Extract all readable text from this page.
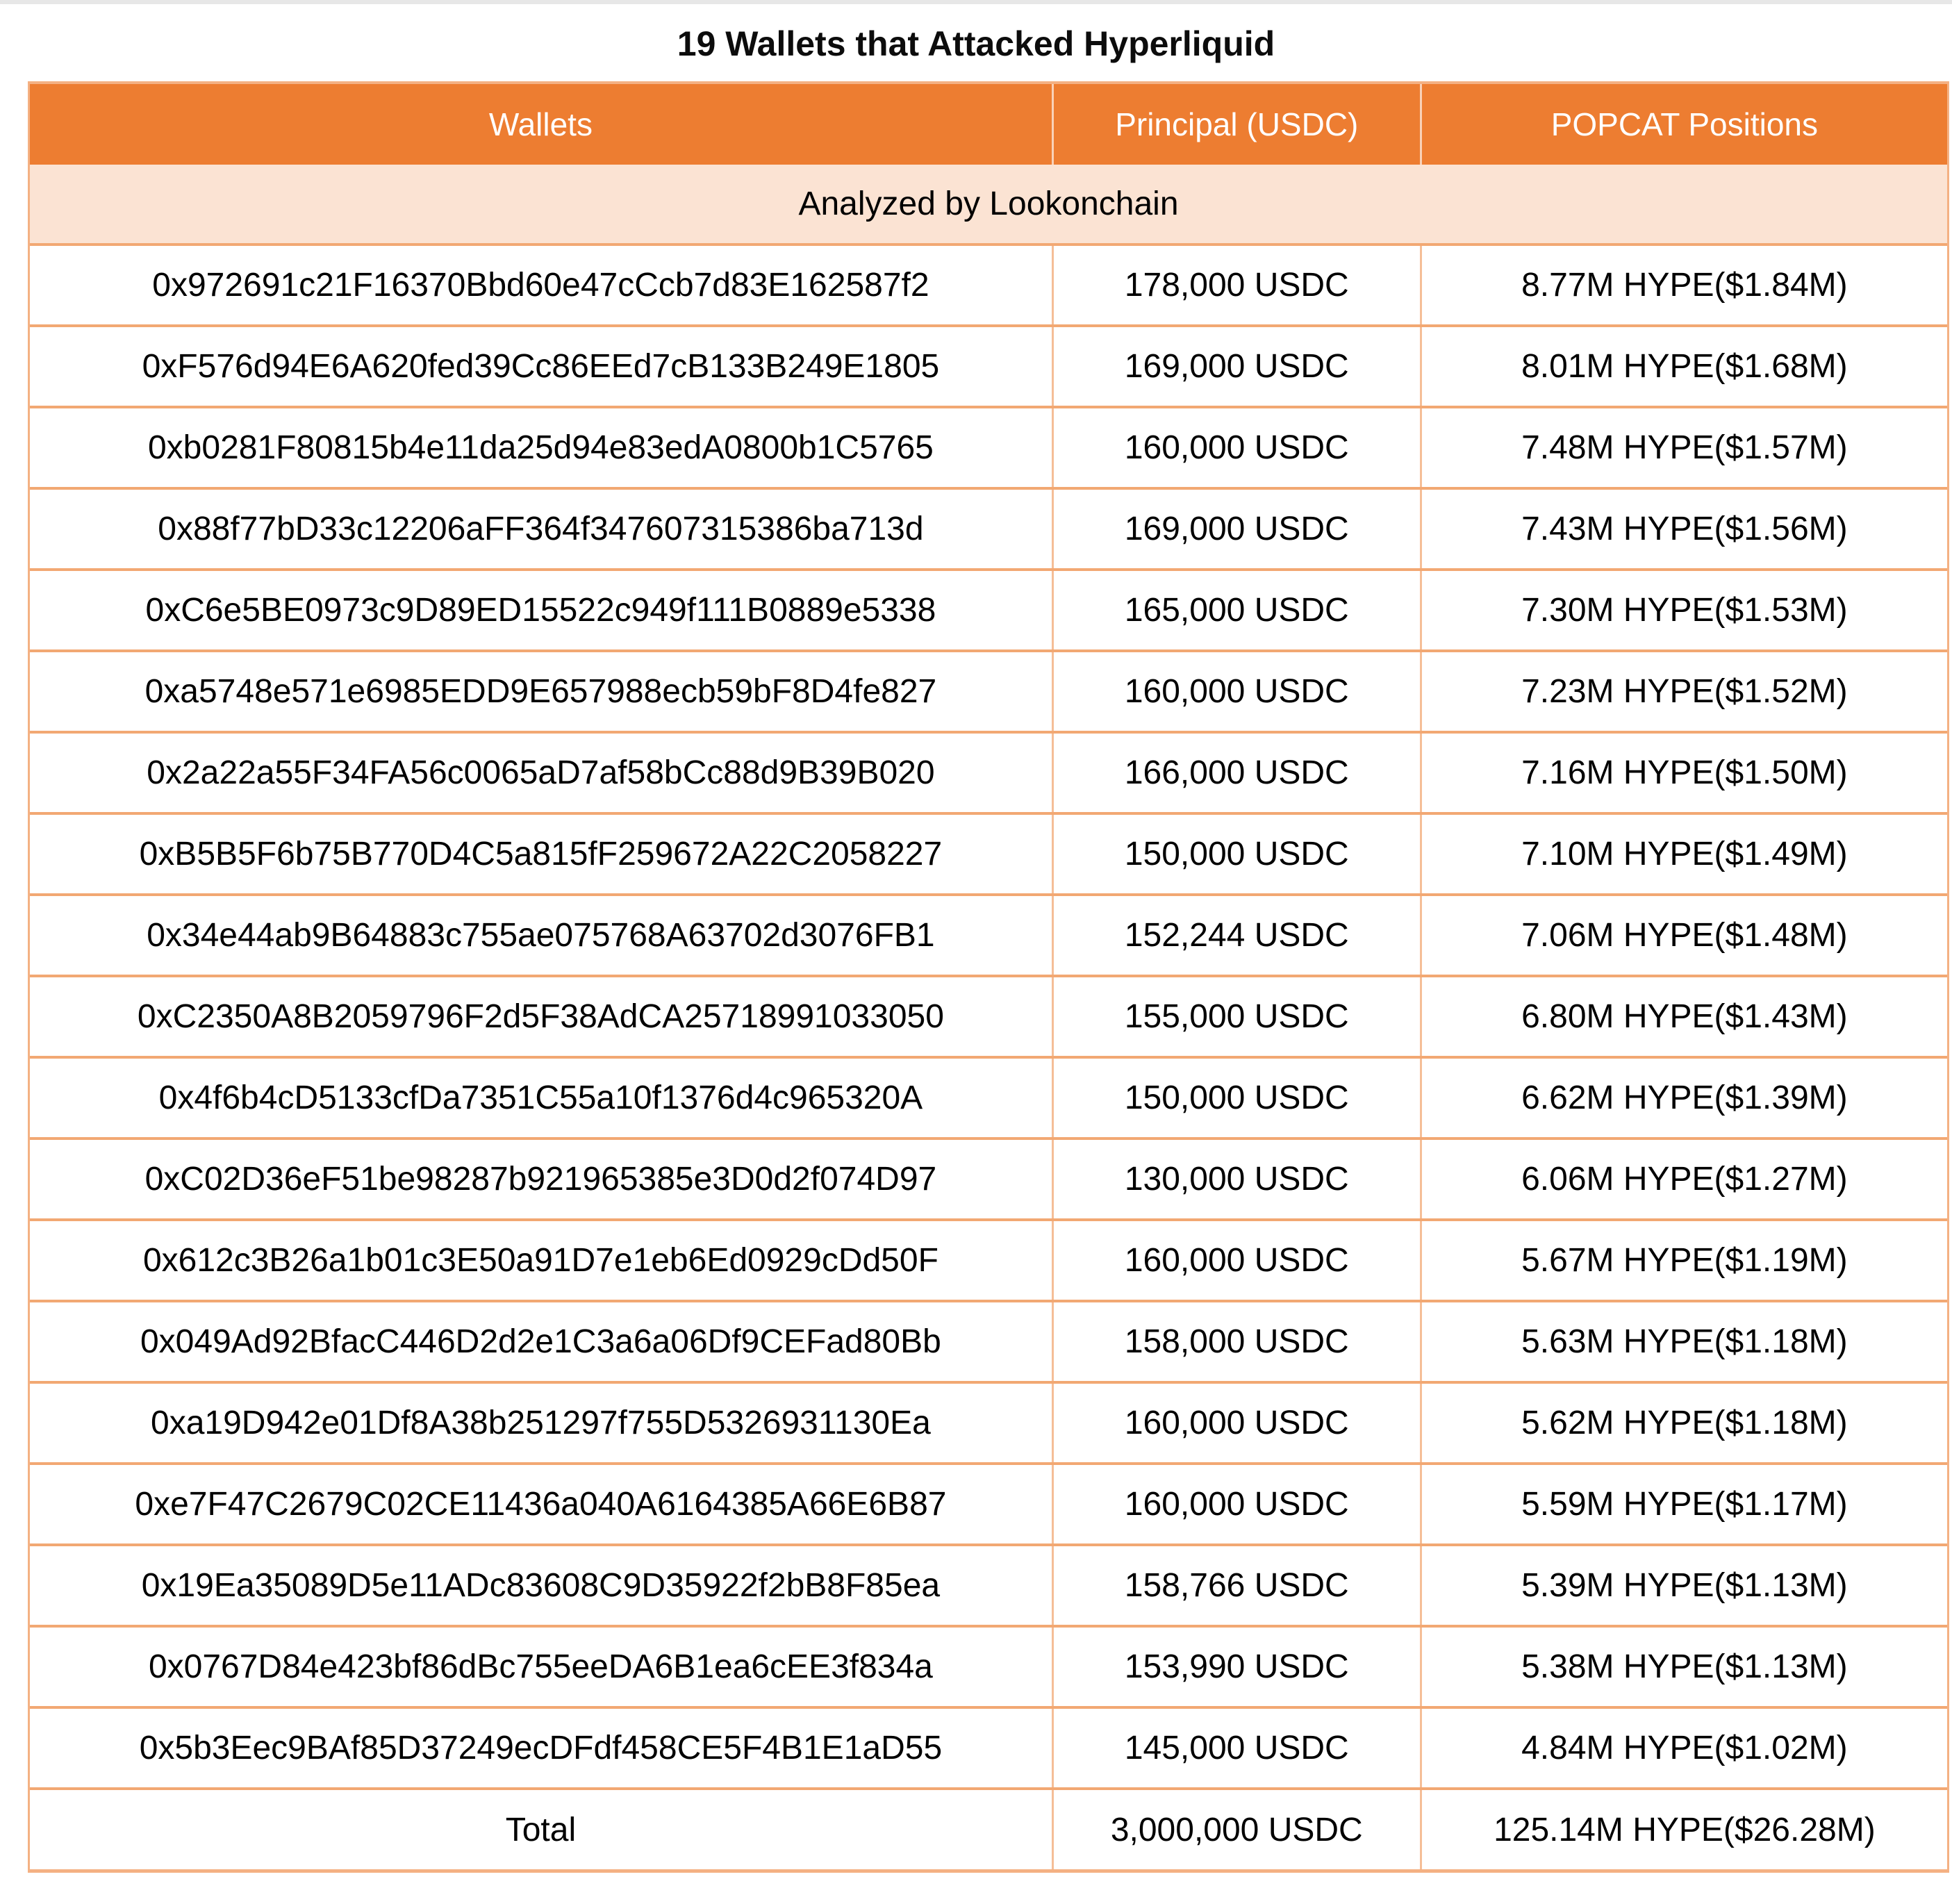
19 Wallets that Attacked Hyperliquid
Wallets	Principal (USDC)	POPCAT Positions
Analyzed by Lookonchain
0x972691c21F16370Bbd60e47cCcb7d83E162587f2	178,000 USDC	8.77M HYPE($1.84M)
0xF576d94E6A620fed39Cc86EEd7cB133B249E1805	169,000 USDC	8.01M HYPE($1.68M)
0xb0281F80815b4e11da25d94e83edA0800b1C5765	160,000 USDC	7.48M HYPE($1.57M)
0x88f77bD33c12206aFF364f347607315386ba713d	169,000 USDC	7.43M HYPE($1.56M)
0xC6e5BE0973c9D89ED15522c949f111B0889e5338	165,000 USDC	7.30M HYPE($1.53M)
0xa5748e571e6985EDD9E657988ecb59bF8D4fe827	160,000 USDC	7.23M HYPE($1.52M)
0x2a22a55F34FA56c0065aD7af58bCc88d9B39B020	166,000 USDC	7.16M HYPE($1.50M)
0xB5B5F6b75B770D4C5a815fF259672A22C2058227	150,000 USDC	7.10M HYPE($1.49M)
0x34e44ab9B64883c755ae075768A63702d3076FB1	152,244 USDC	7.06M HYPE($1.48M)
0xC2350A8B2059796F2d5F38AdCA25718991033050	155,000 USDC	6.80M HYPE($1.43M)
0x4f6b4cD5133cfDa7351C55a10f1376d4c965320A	150,000 USDC	6.62M HYPE($1.39M)
0xC02D36eF51be98287b921965385e3D0d2f074D97	130,000 USDC	6.06M HYPE($1.27M)
0x612c3B26a1b01c3E50a91D7e1eb6Ed0929cDd50F	160,000 USDC	5.67M HYPE($1.19M)
0x049Ad92BfacC446D2d2e1C3a6a06Df9CEFad80Bb	158,000 USDC	5.63M HYPE($1.18M)
0xa19D942e01Df8A38b251297f755D5326931130Ea	160,000 USDC	5.62M HYPE($1.18M)
0xe7F47C2679C02CE11436a040A6164385A66E6B87	160,000 USDC	5.59M HYPE($1.17M)
0x19Ea35089D5e11ADc83608C9D35922f2bB8F85ea	158,766 USDC	5.39M HYPE($1.13M)
0x0767D84e423bf86dBc755eeDA6B1ea6cEE3f834a	153,990 USDC	5.38M HYPE($1.13M)
0x5b3Eec9BAf85D37249ecDFdf458CE5F4B1E1aD55	145,000 USDC	4.84M HYPE($1.02M)
Total	3,000,000 USDC	125.14M HYPE($26.28M)
